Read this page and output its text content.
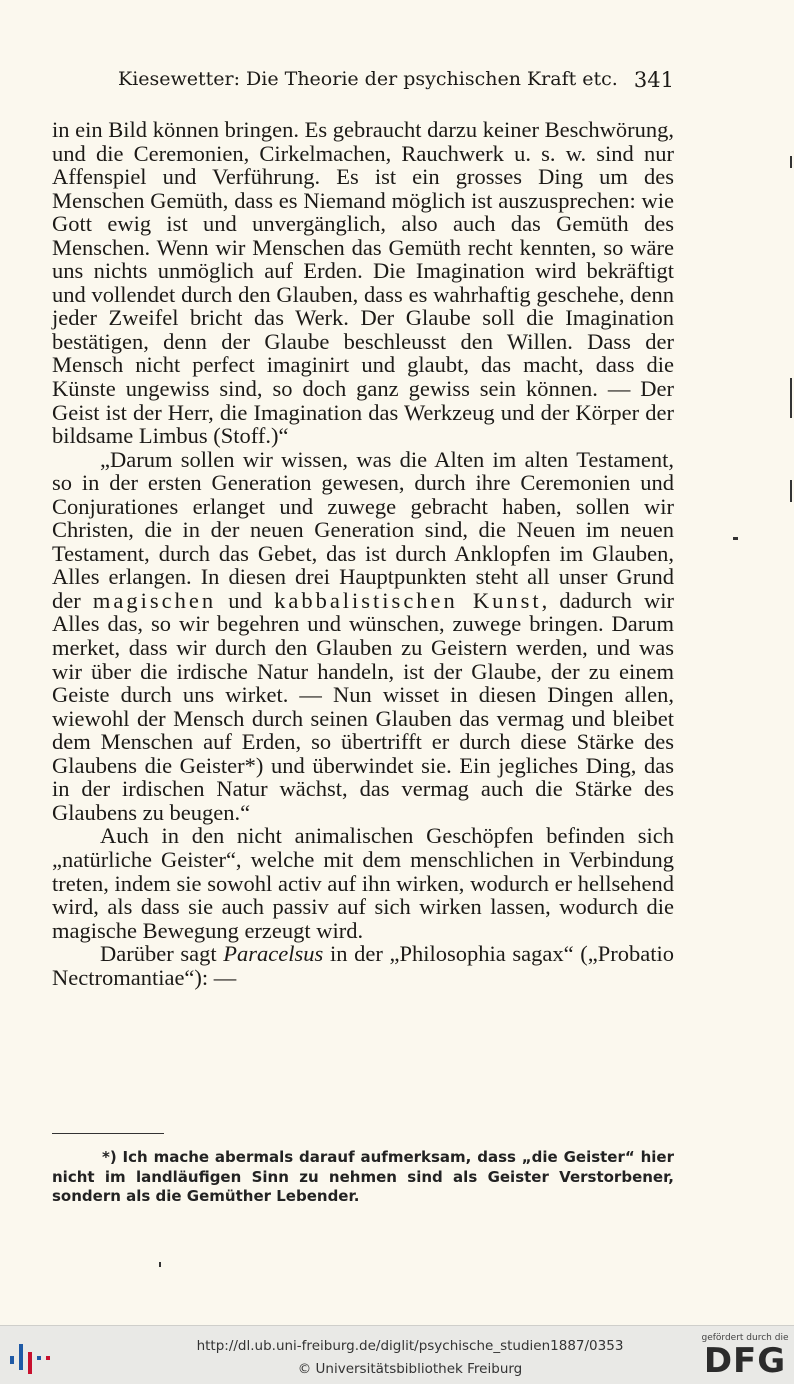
Kiesewetter: Die Theorie der psychischen Kraft etc. 341

in ein Bild können bringen. Es gebraucht darzu keiner Beschwörung, und die Ceremonien, Cirkelmachen, Rauchwerk u. s. w. sind nur Affenspiel und Verführung. Es ist ein grosses Ding um des Menschen Gemüth, dass es Niemand möglich ist auszusprechen: wie Gott ewig ist und unvergänglich, also auch das Gemüth des Menschen. Wenn wir Menschen das Gemüth recht kennten, so wäre uns nichts unmöglich auf Erden. Die Imagination wird bekräftigt und vollendet durch den Glauben, dass es wahrhaftig geschehe, denn jeder Zweifel bricht das Werk. Der Glaube soll die Imagination bestätigen, denn der Glaube beschleusst den Willen. Dass der Mensch nicht perfect imaginirt und glaubt, das macht, dass die Künste ungewiss sind, so doch ganz gewiss sein können. — Der Geist ist der Herr, die Imagination das Werkzeug und der Körper der bildsame Limbus (Stoff.)“

„Darum sollen wir wissen, was die Alten im alten Testament, so in der ersten Generation gewesen, durch ihre Ceremonien und Conjurationes erlanget und zuwege gebracht haben, sollen wir Christen, die in der neuen Generation sind, die Neuen im neuen Testament, durch das Gebet, das ist durch Anklopfen im Glauben, Alles erlangen. In diesen drei Hauptpunkten steht all unser Grund der magischen und kabbalistischen Kunst, dadurch wir Alles das, so wir begehren und wünschen, zuwege bringen. Darum merket, dass wir durch den Glauben zu Geistern werden, und was wir über die irdische Natur handeln, ist der Glaube, der zu einem Geiste durch uns wirket. — Nun wisset in diesen Dingen allen, wiewohl der Mensch durch seinen Glauben das vermag und bleibet dem Menschen auf Erden, so übertrifft er durch diese Stärke des Glaubens die Geister*) und überwindet sie. Ein jegliches Ding, das in der irdischen Natur wächst, das vermag auch die Stärke des Glaubens zu beugen.“

Auch in den nicht animalischen Geschöpfen befinden sich „natürliche Geister“, welche mit dem menschlichen in Verbindung treten, indem sie sowohl activ auf ihn wirken, wodurch er hellsehend wird, als dass sie auch passiv auf sich wirken lassen, wodurch die magische Bewegung erzeugt wird.

Darüber sagt Paracelsus in der „Philosophia sagax“ („Probatio Nectromantiae“): —

*) Ich mache abermals darauf aufmerksam, dass „die Geister“ hier nicht im landläufigen Sinn zu nehmen sind als Geister Verstorbener, sondern als die Gemüther Lebender.

http://dl.ub.uni-freiburg.de/diglit/psychische_studien1887/0353
© Universitätsbibliothek Freiburg
gefördert durch die
DFG
